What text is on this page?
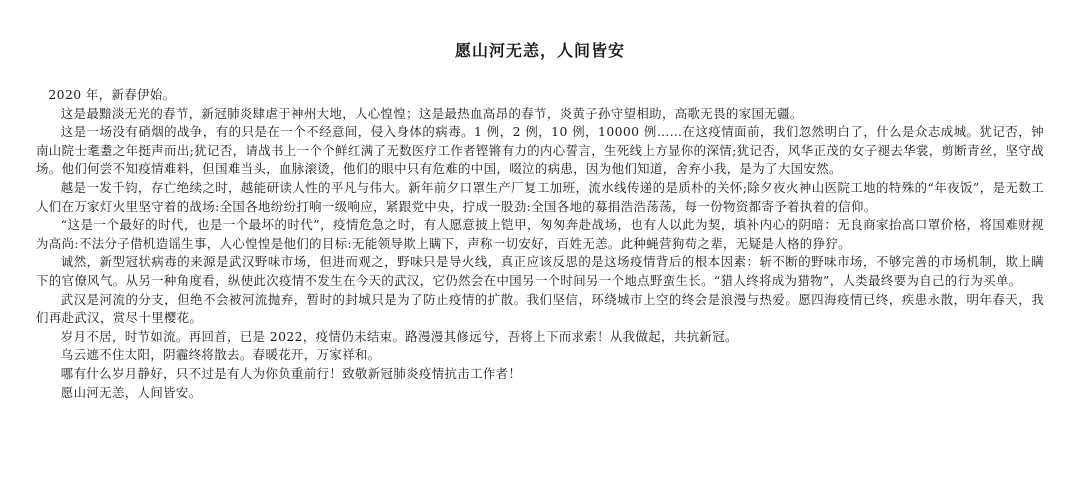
愿山河无恙，人间皆安

2020 年，新春伊始。

这是最黯淡无光的春节，新冠肺炎肆虐于神州大地，人心惶惶；这是最热血高昂的春节，炎黄子孙守望相助，高歌无畏的家国无疆。

这是一场没有硝烟的战争，有的只是在一个不经意间，侵入身体的病毒。1 例，2 例，10 例，10000 例……在这疫情面前，我们忽然明白了，什么是众志成城。犹记否，钟南山院士耄耋之年挺声而出;犹记否，请战书上一个个鲜红满了无数医疗工作者铿锵有力的内心誓言，生死线上方显你的深情;犹记否，风华正茂的女子褪去华裳，剪断青丝，坚守战场。他们何尝不知疫情难料，但国难当头，血脉滚烫，他们的眼中只有危难的中国，啜泣的病患，因为他们知道，舍弃小我，是为了大国安然。

越是一发千钧，存亡绝续之时，越能研读人性的平凡与伟大。新年前夕口罩生产厂复工加班，流水线传递的是质朴的关怀;除夕夜火神山医院工地的特殊的“年夜饭”，是无数工人们在万家灯火里坚守着的战场:全国各地纷纷打响一级响应，紧跟党中央，拧成一股劲:全国各地的募捐浩浩荡荡，每一份物资都寄予着执着的信仰。

“这是一个最好的时代，也是一个最坏的时代”，疫情危急之时，有人愿意披上铠甲，匆匆奔赴战场，也有人以此为契，填补内心的阴暗：无良商家抬高口罩价格，将国难财视为高尚:不法分子借机造谣生事，人心惶惶是他们的目标:无能领导欺上瞒下，声称一切安好，百姓无恙。此种蝇营狗苟之辈，无疑是人格的狰狞。

诚然，新型冠状病毒的来源是武汉野味市场，但进而观之，野味只是导火线，真正应该反思的是这场疫情背后的根本因素：斩不断的野味市场，不够完善的市场机制，欺上瞒下的官僚风气。从另一种角度看，纵使此次疫情不发生在今天的武汉，它仍然会在中国另一个时间另一个地点野蛮生长。“猎人终将成为猎物”，人类最终要为自己的行为买单。

武汉是河流的分支，但绝不会被河流抛弃，暂时的封城只是为了防止疫情的扩散。我们坚信，环绕城市上空的终会是浪漫与热爱。愿四海疫情已终，疾患永散，明年春天，我们再赴武汉，赏尽十里樱花。

岁月不居，时节如流。再回首，已是 2022，疫情仍未结束。路漫漫其修远兮，吾将上下而求索！从我做起，共抗新冠。

乌云遮不住太阳，阴霾终将散去。春暖花开，万家祥和。

哪有什么岁月静好，只不过是有人为你负重前行！致敬新冠肺炎疫情抗击工作者！

愿山河无恙，人间皆安。
